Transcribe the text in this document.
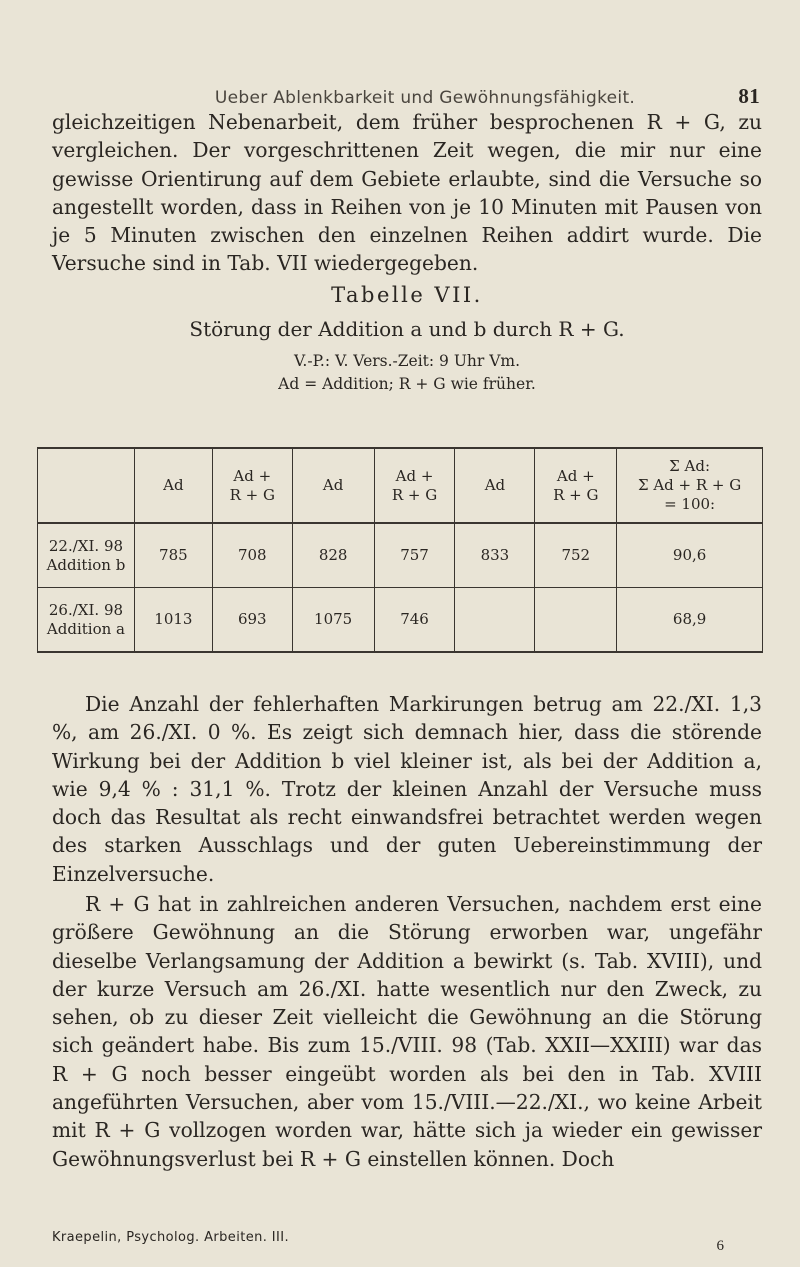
Ueber Ablenkbarkeit und Gewöhnungsfähigkeit.	81

gleichzeitigen Nebenarbeit, dem früher besprochenen R + G, zu vergleichen. Der vorgeschrittenen Zeit wegen, die mir nur eine gewisse Orientirung auf dem Gebiete erlaubte, sind die Versuche so angestellt worden, dass in Reihen von je 10 Minuten mit Pausen von je 5 Minuten zwischen den einzelnen Reihen addirt wurde. Die Versuche sind in Tab. VII wiedergegeben.

Tabelle VII.
Störung der Addition a und b durch R + G.
V.-P.: V. Vers.-Zeit: 9 Uhr Vm.
Ad = Addition; R + G wie früher.
	Ad	Ad +
R + G	Ad	Ad +
R + G	Ad	Ad +
R + G	Σ Ad:
Σ Ad + R + G
= 100:
22./XI. 98
Addition b	785	708	828	757	833	752	90,6
26./XI. 98
Addition a	1013	693	1075	746			68,9

Die Anzahl der fehlerhaften Markirungen betrug am 22./XI. 1,3 %, am 26./XI. 0 %. Es zeigt sich demnach hier, dass die störende Wirkung bei der Addition b viel kleiner ist, als bei der Addition a, wie 9,4 % : 31,1 %. Trotz der kleinen Anzahl der Versuche muss doch das Resultat als recht einwandsfrei betrachtet werden wegen des starken Ausschlags und der guten Uebereinstimmung der Einzelversuche.

R + G hat in zahlreichen anderen Versuchen, nachdem erst eine größere Gewöhnung an die Störung erworben war, ungefähr dieselbe Verlangsamung der Addition a bewirkt (s. Tab. XVIII), und der kurze Versuch am 26./XI. hatte wesentlich nur den Zweck, zu sehen, ob zu dieser Zeit vielleicht die Gewöhnung an die Störung sich geändert habe. Bis zum 15./VIII. 98 (Tab. XXII—XXIII) war das R + G noch besser eingeübt worden als bei den in Tab. XVIII angeführten Versuchen, aber vom 15./VIII.—22./XI., wo keine Arbeit mit R + G vollzogen worden war, hätte sich ja wieder ein gewisser Gewöhnungsverlust bei R + G einstellen können. Doch

Kraepelin, Psycholog. Arbeiten. III.
6
